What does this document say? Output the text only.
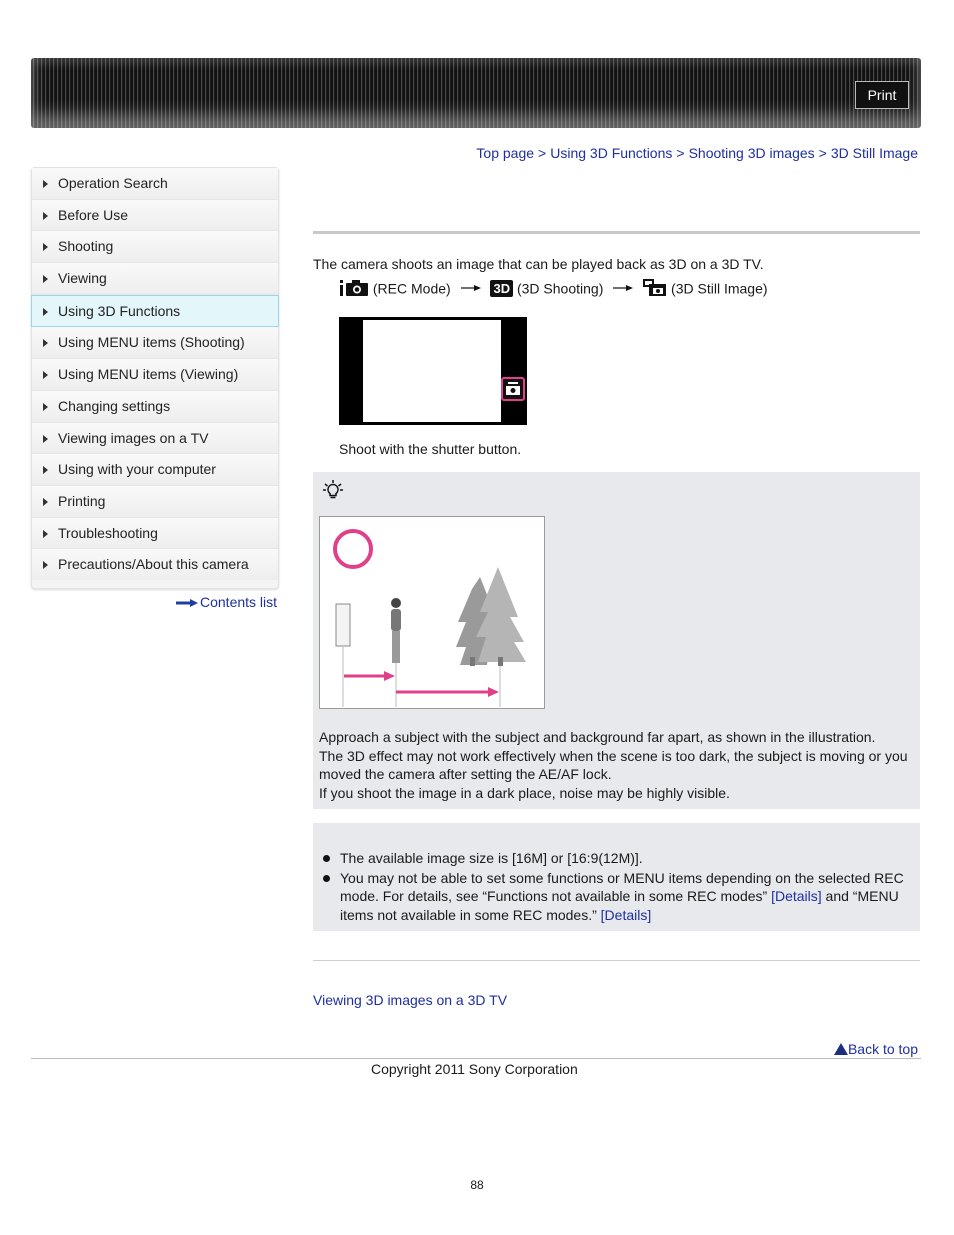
Print
Top page > Using 3D Functions > Shooting 3D images > 3D Still Image
Operation Search
Before Use
Shooting
Viewing
Using 3D Functions
Using MENU items (Shooting)
Using MENU items (Viewing)
Changing settings
Viewing images on a TV
Using with your computer
Printing
Troubleshooting
Precautions/About this camera
Contents list
The camera shoots an image that can be played back as 3D on a 3D TV.
(REC Mode)	3D (3D Shooting)	(3D Still Image)
Shoot with the shutter button.
Approach a subject with the subject and background far apart, as shown in the illustration.
The 3D effect may not work effectively when the scene is too dark, the subject is moving or you moved the camera after setting the AE/AF lock.
If you shoot the image in a dark place, noise may be highly visible.
The available image size is [16M] or [16:9(12M)].
You may not be able to set some functions or MENU items depending on the selected REC mode. For details, see “Functions not available in some REC modes” [Details] and “MENU items not available in some REC modes.” [Details]
Viewing 3D images on a 3D TV
Back to top
Copyright 2011 Sony Corporation
88
